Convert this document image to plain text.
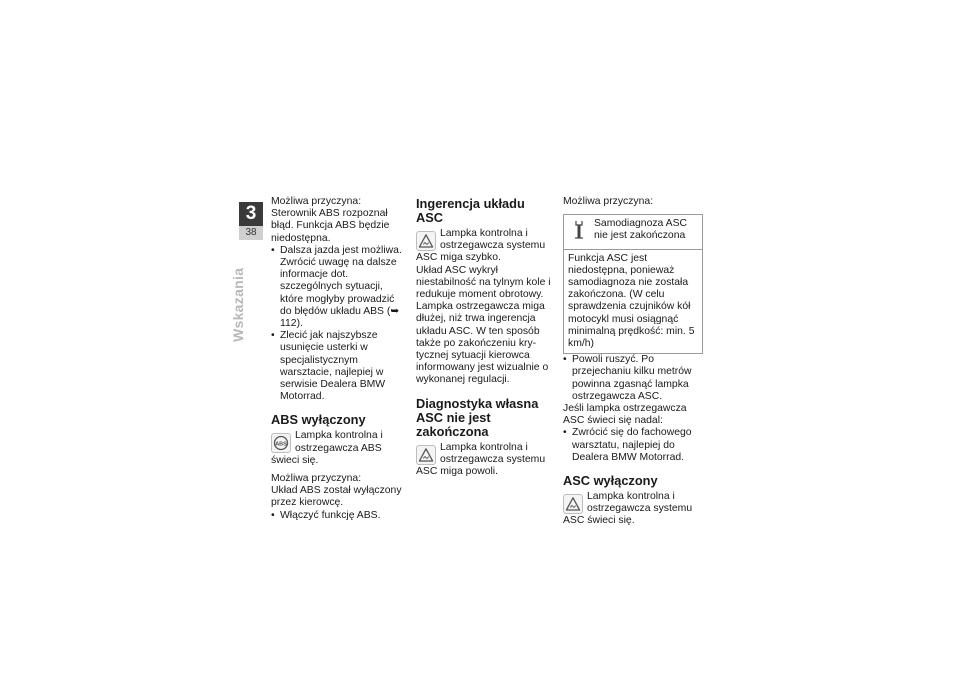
3
38
Wskazania

Możliwa przyczyna:

Sterownik ABS rozpoznał błąd. Funkcja ABS będzie niedostępna.

• Dalsza jazda jest możliwa. Zwrócić uwagę na dalsze informacje dot. szczególnych sytuacji, które mogłyby prowadzić do błędów układu ABS (➥ 112).
• Zlecić jak najszybsze usunięcie usterki w specjalistycznym warsztacie, najlepiej w serwisie Dealera BMW Motorrad.
ABS wyłączony
ABS
Lampka kontrolna i ostrzegawcza ABS świeci się.

Możliwa przyczyna:

Układ ABS został wyłączony przez kierowcę.

• Włączyć funkcję ABS.
Ingerencja układu ASC
Lampka kontrolna i ostrzegawcza systemu ASC miga szybko.

Układ ASC wykrył niestabilność na tylnym kole i redukuje moment obrotowy. Lampka ostrzegawcza miga dłużej, niż trwa ingerencja układu ASC. W ten sposób także po zakończeniu krytycznej sytuacji kierowca informowany jest wizualnie o wykonanej regulacji.

Diagnostyka własna ASC nie jest zakończona
Lampka kontrolna i ostrzegawcza systemu ASC miga powoli.

Możliwa przyczyna:

Samodiagnoza ASC nie jest zakończona
Funkcja ASC jest niedostępna, ponieważ samodiagnoza nie została zakończona. (W celu sprawdzenia czujników kół motocykl musi osiągnąć minimalną prędkość: min. 5 km/h)
• Powoli ruszyć. Po przejechaniu kilku metrów powinna zgasnąć lampka ostrzegawcza ASC.

Jeśli lampka ostrzegawcza ASC świeci się nadal:

• Zwrócić się do fachowego warsztatu, najlepiej do Dealera BMW Motorrad.
ASC wyłączony
Lampka kontrolna i ostrzegawcza systemu ASC świeci się.
